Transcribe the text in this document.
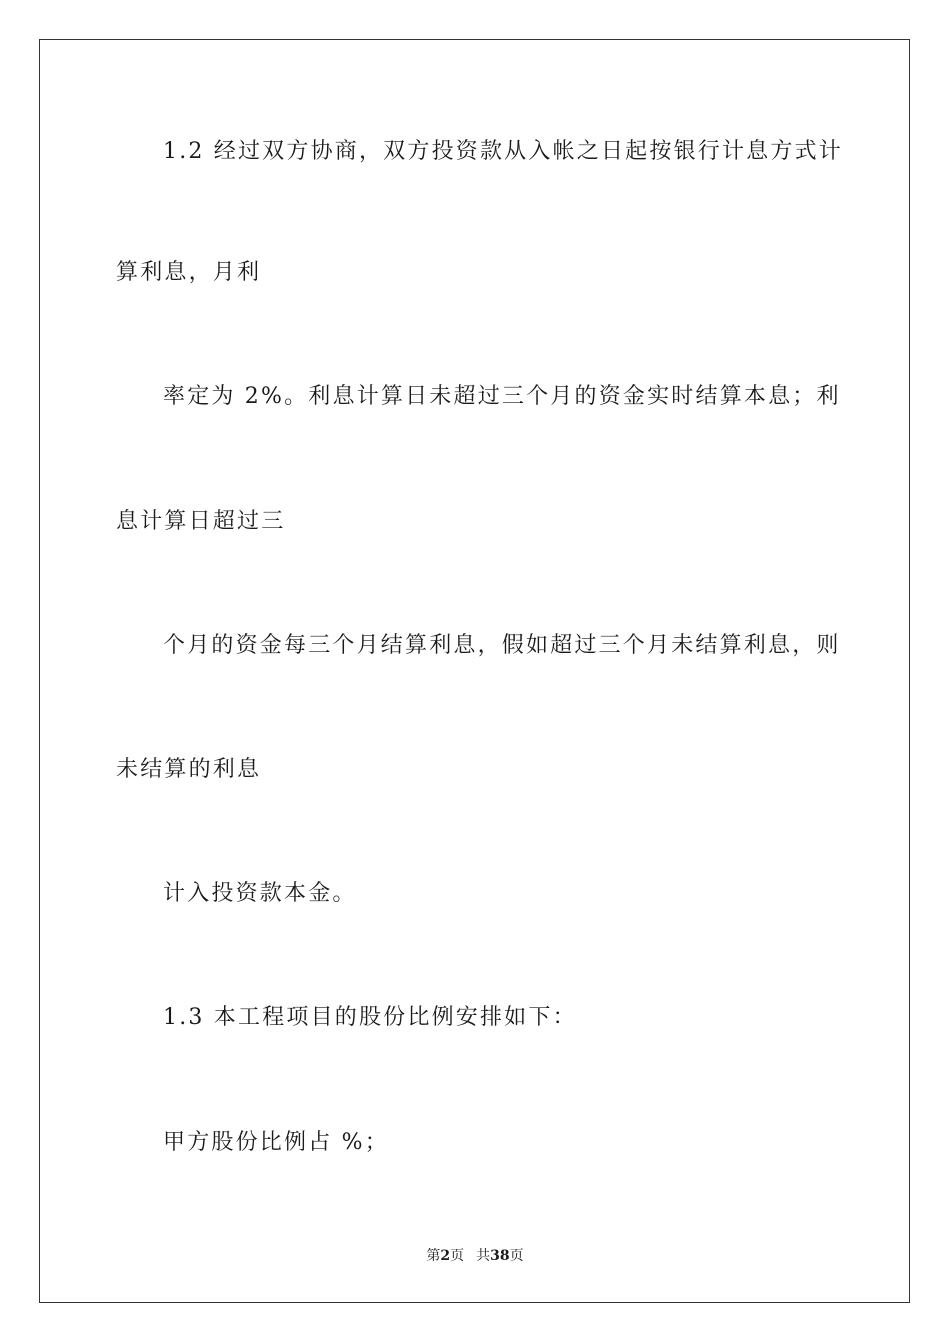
1.2 经过双方协商，双方投资款从入帐之日起按银行计息方式计
算利息，月利
率定为 2%。利息计算日未超过三个月的资金实时结算本息；利
息计算日超过三
个月的资金每三个月结算利息，假如超过三个月未结算利息，则
未结算的利息
计入投资款本金。
1.3 本工程项目的股份比例安排如下：
甲方股份比例占 %；
第2页 共38页
